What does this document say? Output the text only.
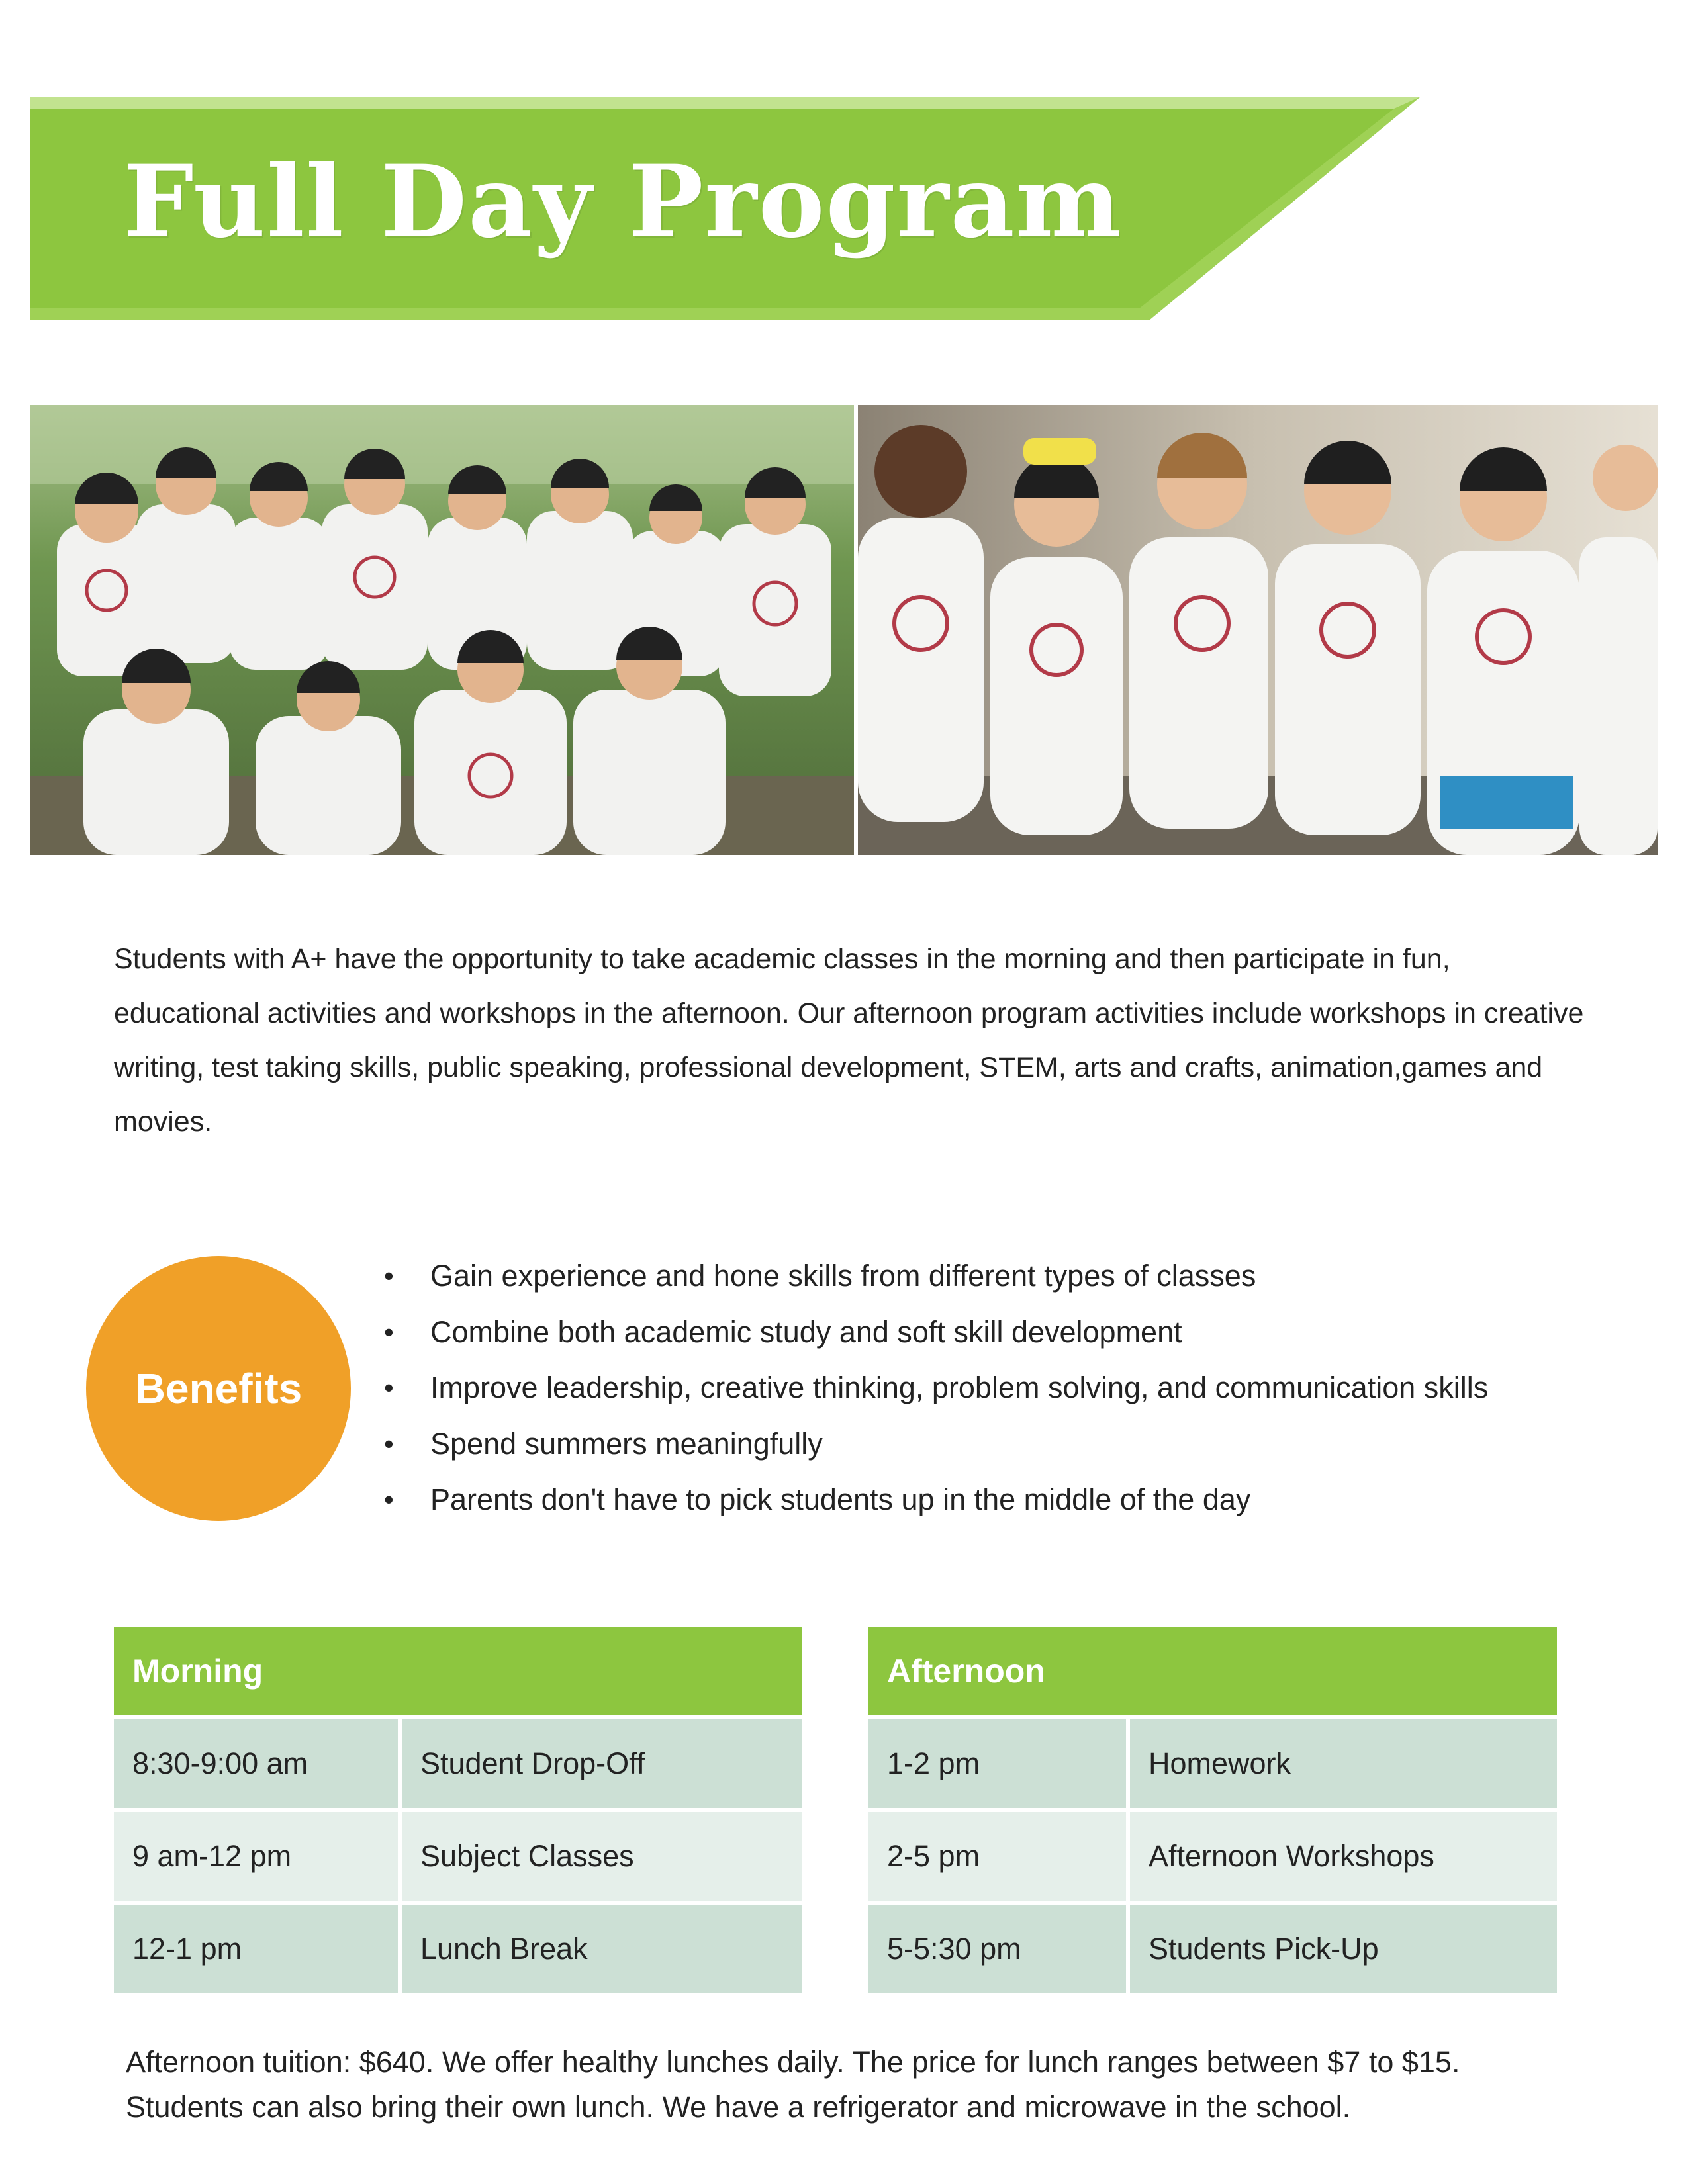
Full Day Program

Students with A+ have the opportunity to take academic classes in the morning and then participate in fun, educational activities and workshops in the afternoon. Our afternoon program activities include workshops in creative writing, test taking skills, public speaking, professional development, STEM, arts and crafts, animation,games and movies.

Benefits
• Gain experience and hone skills from different types of classes
• Combine both academic study and soft skill development
• Improve leadership, creative thinking, problem solving, and communication skills
• Spend summers meaningfully
• Parents don't have to pick students up in the middle of the day
Morning	
8:30-9:00 am	Student Drop-Off
9 am-12 pm	Subject Classes
12-1 pm	Lunch Break
Afternoon	
1-2 pm	Homework
2-5 pm	Afternoon Workshops
5-5:30 pm	Students Pick-Up

Afternoon tuition: $640. We offer healthy lunches daily. The price for lunch ranges between $7 to $15. Students can also bring their own lunch. We have a refrigerator and microwave in the school.
